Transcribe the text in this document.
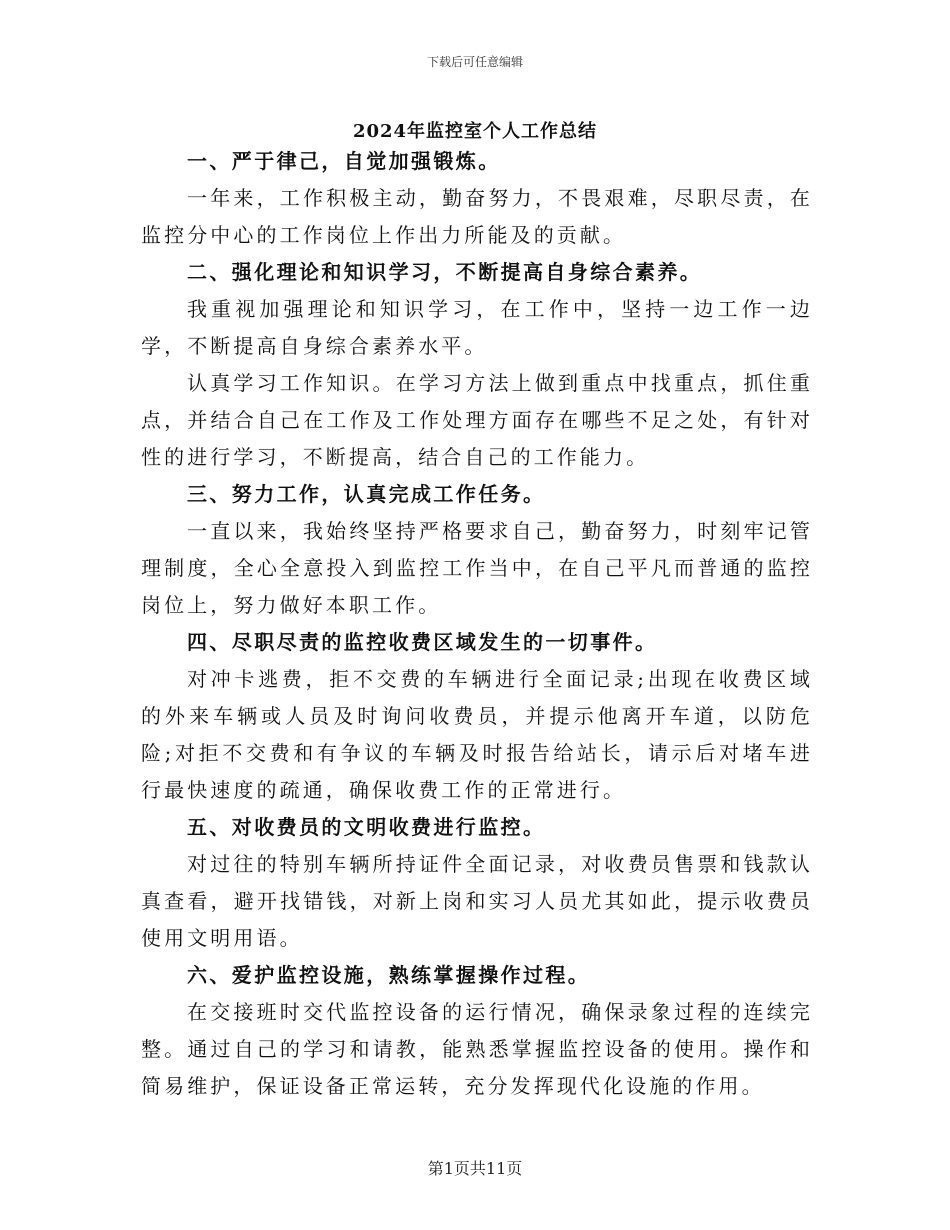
下载后可任意编辑
2024年监控室个人工作总结

一、严于律己，自觉加强锻炼。

一年来，工作积极主动，勤奋努力，不畏艰难，尽职尽责，在监控分中心的工作岗位上作出力所能及的贡献。

二、强化理论和知识学习，不断提高自身综合素养。

我重视加强理论和知识学习，在工作中，坚持一边工作一边学，不断提高自身综合素养水平。

认真学习工作知识。在学习方法上做到重点中找重点，抓住重点，并结合自己在工作及工作处理方面存在哪些不足之处，有针对性的进行学习，不断提高，结合自己的工作能力。

三、努力工作，认真完成工作任务。

一直以来，我始终坚持严格要求自己，勤奋努力，时刻牢记管理制度，全心全意投入到监控工作当中，在自己平凡而普通的监控岗位上，努力做好本职工作。

四、尽职尽责的监控收费区域发生的一切事件。

对冲卡逃费，拒不交费的车辆进行全面记录;出现在收费区域的外来车辆或人员及时询问收费员，并提示他离开车道，以防危险;对拒不交费和有争议的车辆及时报告给站长，请示后对堵车进行最快速度的疏通，确保收费工作的正常进行。

五、对收费员的文明收费进行监控。

对过往的特别车辆所持证件全面记录，对收费员售票和钱款认真查看，避开找错钱，对新上岗和实习人员尤其如此，提示收费员使用文明用语。

六、爱护监控设施，熟练掌握操作过程。

在交接班时交代监控设备的运行情况，确保录象过程的连续完整。通过自己的学习和请教，能熟悉掌握监控设备的使用。操作和简易维护，保证设备正常运转，充分发挥现代化设施的作用。

第1页共11页
